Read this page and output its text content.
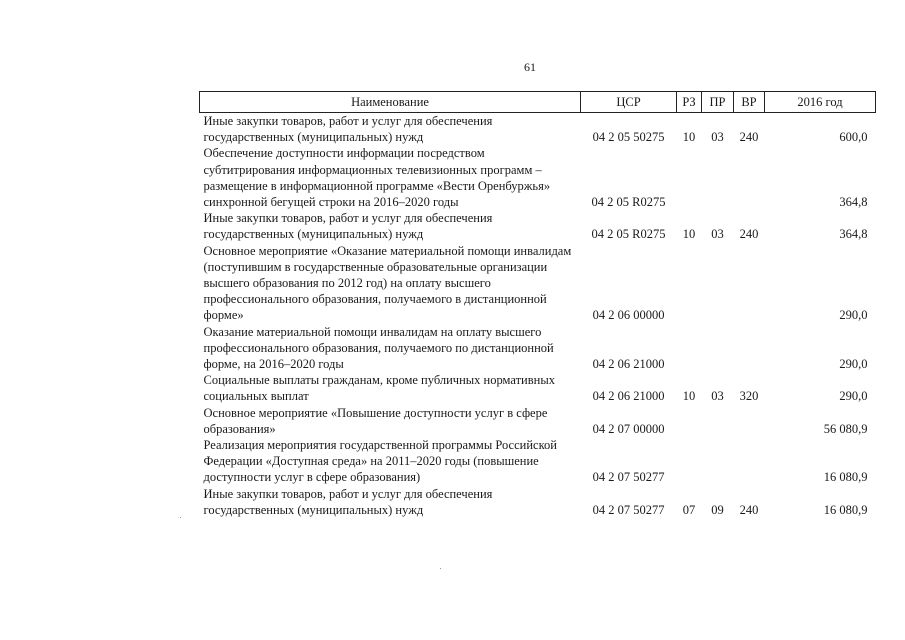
61
Наименование	ЦСР	РЗ	ПР	ВР	2016 год
Иные закупки товаров, работ и услуг для обеспечения государственных (муниципальных) нужд	04 2 05 50275	10	03	240	600,0
Обеспечение доступности информации посредством субтитрирования информационных телевизионных программ – размещение в информационной программе «Вести Оренбуржья» синхронной бегущей строки на 2016–2020 годы	04 2 05 R0275				364,8
Иные закупки товаров, работ и услуг для обеспечения государственных (муниципальных) нужд	04 2 05 R0275	10	03	240	364,8
Основное мероприятие «Оказание материальной помощи инвалидам (поступившим в государственные образовательные организации высшего образования по 2012 год) на оплату высшего профессионального образования, получаемого в дистанционной форме»	04 2 06 00000				290,0
Оказание материальной помощи инвалидам на оплату высшего профессионального образования, получаемого по дистанционной форме, на 2016–2020 годы	04 2 06 21000				290,0
Социальные выплаты гражданам, кроме публичных нормативных социальных выплат	04 2 06 21000	10	03	320	290,0
Основное мероприятие «Повышение доступности услуг в сфере образования»	04 2 07 00000				56 080,9
Реализация мероприятия государственной программы Российской Федерации «Доступная среда» на 2011–2020 годы (повышение доступности услуг в сфере образования)	04 2 07 50277				16 080,9
Иные закупки товаров, работ и услуг для обеспечения государственных (муниципальных) нужд	04 2 07 50277	07	09	240	16 080,9
